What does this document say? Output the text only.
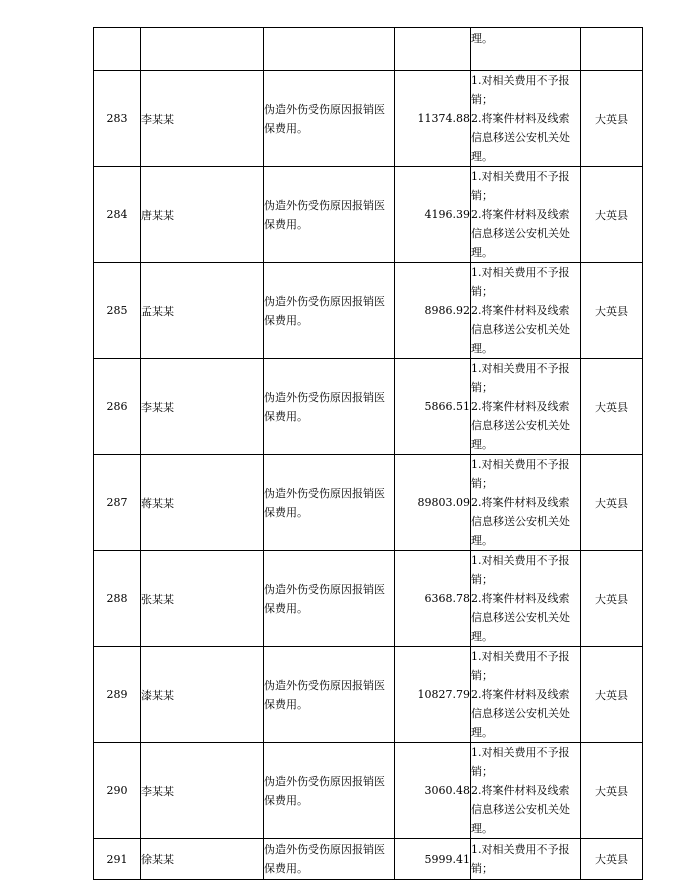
				理。	

283	李某某	伪造外伤受伤原因报销医
保费用。	11374.88	1.对相关费用不予报
销；
2.将案件材料及线索
信息移送公安机关处
理。	大英县
284	唐某某	伪造外伤受伤原因报销医
保费用。	4196.39	1.对相关费用不予报
销；
2.将案件材料及线索
信息移送公安机关处
理。	大英县
285	孟某某	伪造外伤受伤原因报销医
保费用。	8986.92	1.对相关费用不予报
销；
2.将案件材料及线索
信息移送公安机关处
理。	大英县
286	李某某	伪造外伤受伤原因报销医
保费用。	5866.51	1.对相关费用不予报
销；
2.将案件材料及线索
信息移送公安机关处
理。	大英县
287	蒋某某	伪造外伤受伤原因报销医
保费用。	89803.09	1.对相关费用不予报
销；
2.将案件材料及线索
信息移送公安机关处
理。	大英县
288	张某某	伪造外伤受伤原因报销医
保费用。	6368.78	1.对相关费用不予报
销；
2.将案件材料及线索
信息移送公安机关处
理。	大英县
289	漆某某	伪造外伤受伤原因报销医
保费用。	10827.79	1.对相关费用不予报
销；
2.将案件材料及线索
信息移送公安机关处
理。	大英县
290	李某某	伪造外伤受伤原因报销医
保费用。	3060.48	1.对相关费用不予报
销；
2.将案件材料及线索
信息移送公安机关处
理。	大英县
291	徐某某	伪造外伤受伤原因报销医
保费用。	5999.41	1.对相关费用不予报
销；	大英县
